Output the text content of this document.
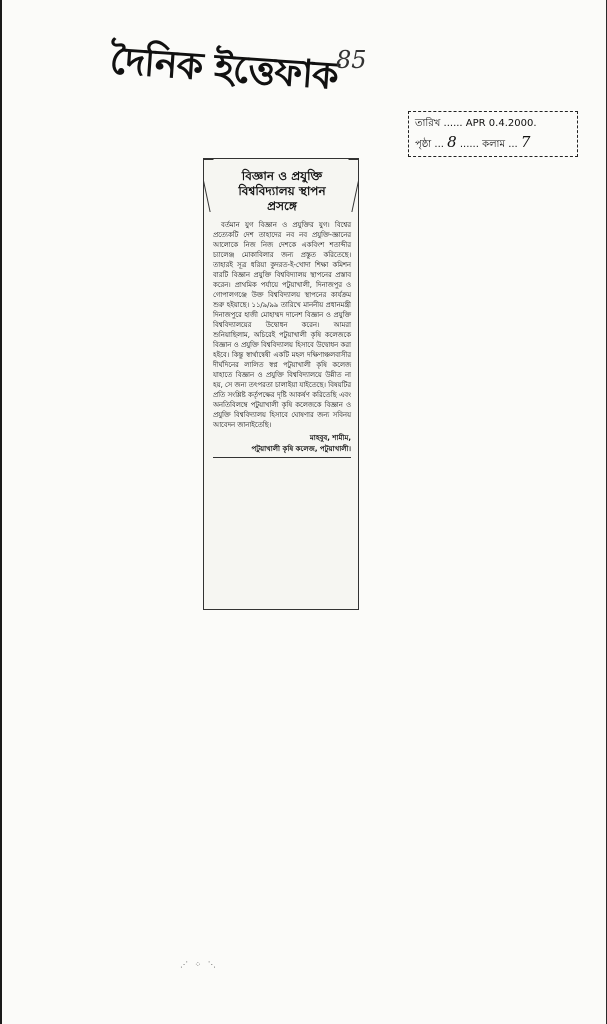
দৈনিক ইত্তেফাক
85
তারিখ ...... APR 0.4.2000.
পৃষ্ঠা ... 8 ...... কলাম ... 7
বিজ্ঞান ও প্রযুক্তি বিশ্ববিদ্যালয় স্থাপন প্রসঙ্গে

বর্তমান যুগ বিজ্ঞান ও প্রযুক্তির যুগ। বিশ্বের প্রত্যেকটি দেশ তাহাদের নব নব প্রযুক্তি-জ্ঞানের আলোকে নিজ নিজ দেশকে একবিংশ শতাব্দীর চ্যালেঞ্জ মোকাবিলার জন্য প্রস্তুত করিতেছে। তাহারই সূত্র ধরিয়া কুদরত-ই-খোদা শিক্ষা কমিশন বারটি বিজ্ঞান প্রযুক্তি বিশ্ববিদ্যালয় স্থাপনের প্রস্তাব করেন। প্রাথমিক পর্যায়ে পটুয়াখালী, দিনাজপুর ও গোপালগঞ্জে উক্ত বিশ্ববিদ্যালয় স্থাপনের কার্যক্রম শুরু হইয়াছে। ১১/৯/৯৯ তারিখে মাননীয় প্রধানমন্ত্রী দিনাজপুরে হাজী মোহাম্মদ দানেশ বিজ্ঞান ও প্রযুক্তি বিশ্ববিদ্যালয়ের উদ্বোধন করেন। আমরা শুনিয়াছিলাম, অচিরেই পটুয়াখালী কৃষি কলেজকে বিজ্ঞান ও প্রযুক্তি বিশ্ববিদ্যালয় হিসাবে উদ্বোধন করা হইবে। কিন্তু স্বার্থান্বেষী একটি মহল দক্ষিণাঞ্চলবাসীর দীর্ঘদিনের লালিত স্বপ্ন পটুয়াখালী কৃষি কলেজ যাহাতে বিজ্ঞান ও প্রযুক্তি বিশ্ববিদ্যালয়ে উন্নীত না হয়, সে জন্য তৎপরতা চালাইয়া যাইতেছে। বিষয়টির প্রতি সংশ্লিষ্ট কর্তৃপক্ষের দৃষ্টি আকর্ষণ করিতেছি এবং অনতিবিলম্বে পটুয়াখালী কৃষি কলেজকে বিজ্ঞান ও প্রযুক্তি বিশ্ববিদ্যালয় হিসাবে ঘোষণার জন্য সবিনয় আবেদন জানাইতেছি।

মাহবুব, শামীম,
পটুয়াখালী কৃষি কলেজ, পটুয়াখালী।
⋰ ⁘ ⋱
